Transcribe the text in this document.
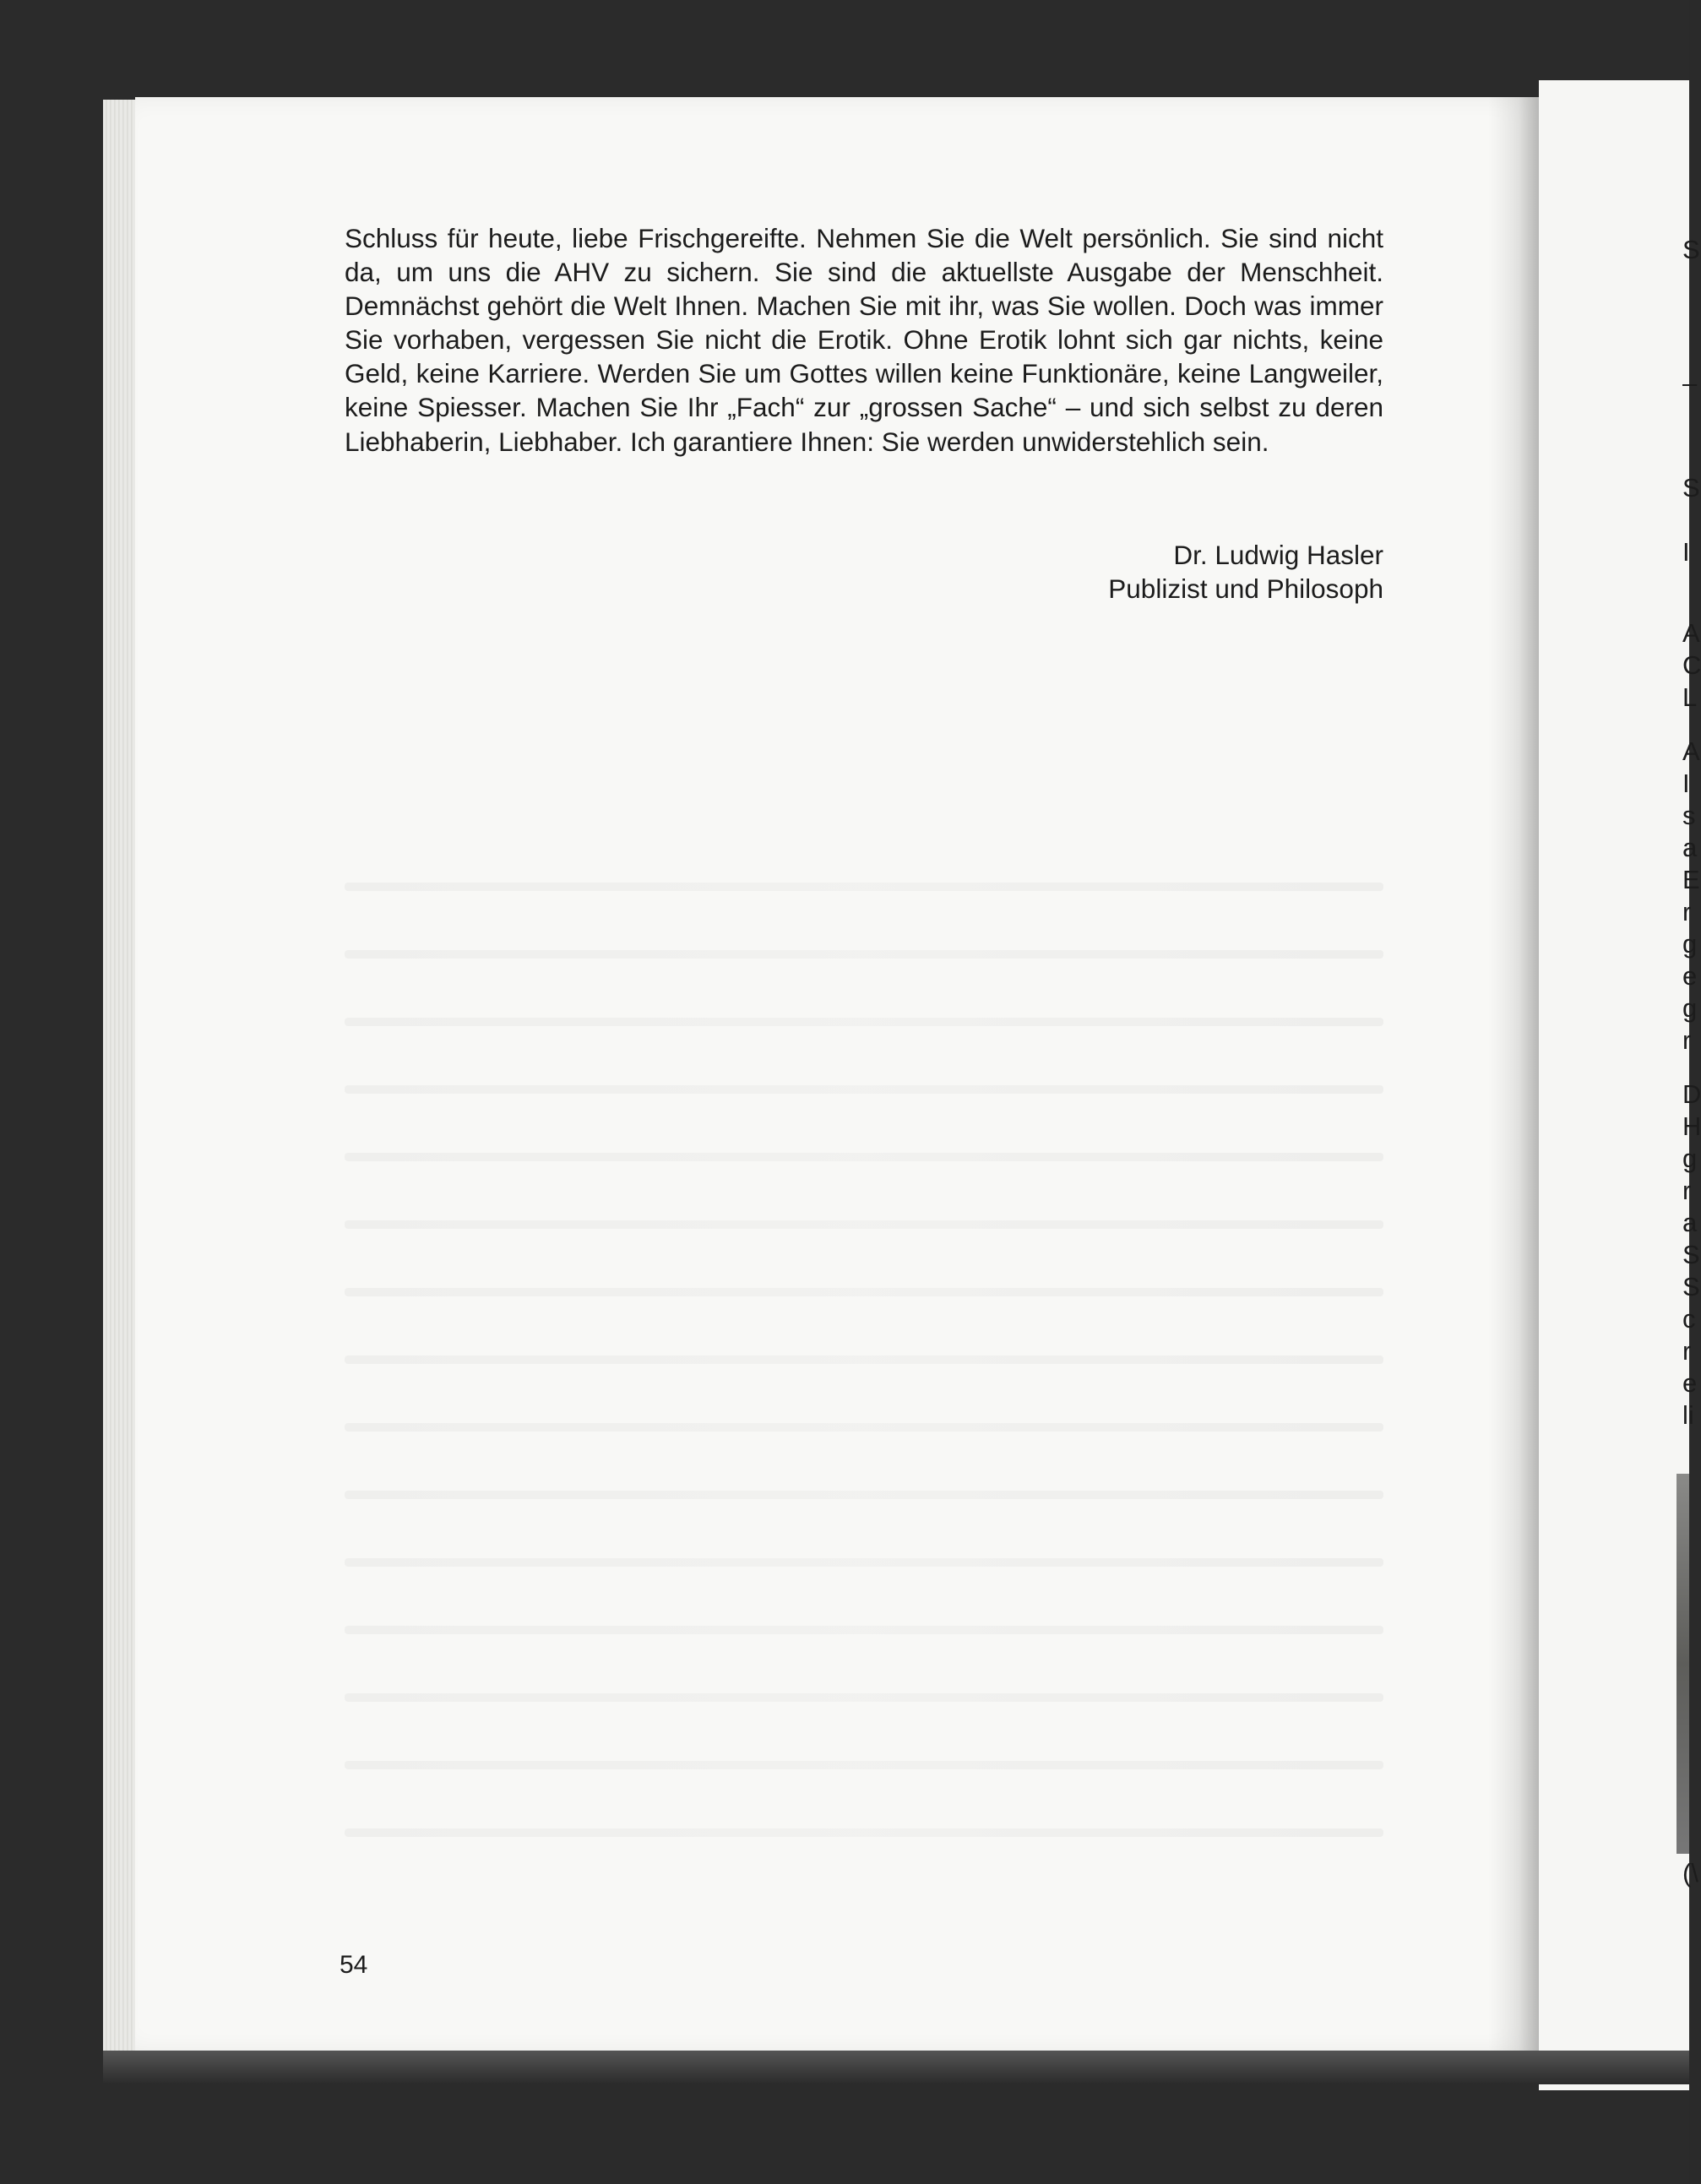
Schluss für heute, liebe Frischgereifte. Nehmen Sie die Welt persönlich. Sie sind nicht da, um uns die AHV zu sichern. Sie sind die aktuellste Ausgabe der Menschheit. Demnächst gehört die Welt Ihnen. Machen Sie mit ihr, was Sie wollen. Doch was immer Sie vorhaben, vergessen Sie nicht die Erotik. Ohne Erotik lohnt sich gar nichts, keine Geld, keine Karriere. Werden Sie um Gottes willen keine Funktionäre, keine Langweiler, keine Spiesser. Machen Sie Ihr „Fach“ zur „grossen Sache“ – und sich selbst zu deren Liebhaberin, Liebhaber. Ich garantiere Ihnen: Sie werden unwiderstehlich sein.

Dr. Ludwig Hasler
Publizist und Philosoph
54
S
–
S
I
A
C
L
A
I
s
a
E
r
g
e
g
r
D
H
g
r
a
S
S
c
r
e
li
(\
